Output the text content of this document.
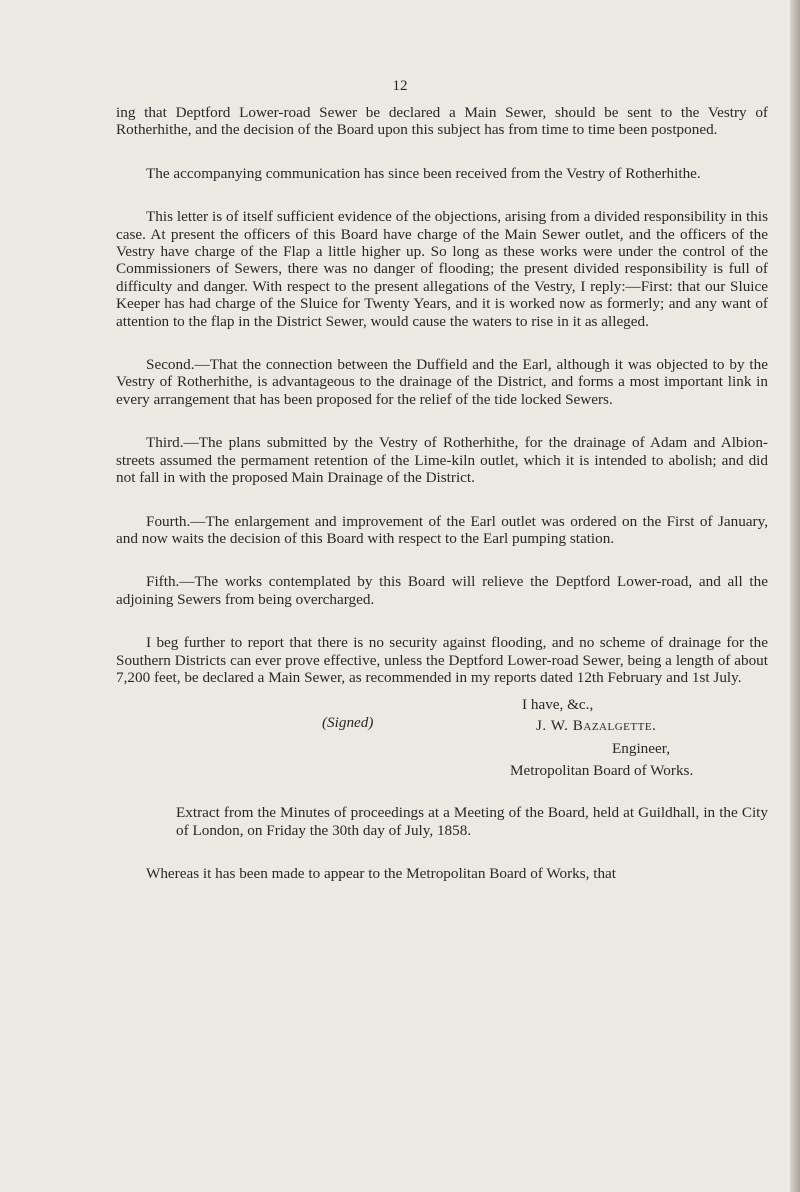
12

ing that Deptford Lower-road Sewer be declared a Main Sewer, should be sent to the Vestry of Rotherhithe, and the decision of the Board upon this subject has from time to time been postponed.

The accompanying communication has since been received from the Vestry of Rotherhithe.

This letter is of itself sufficient evidence of the objections, arising from a divided responsibility in this case. At present the officers of this Board have charge of the Main Sewer outlet, and the officers of the Vestry have charge of the Flap a little higher up. So long as these works were under the control of the Commissioners of Sewers, there was no danger of flooding; the present divided responsibility is full of difficulty and danger. With respect to the present allegations of the Vestry, I reply:—First: that our Sluice Keeper has had charge of the Sluice for Twenty Years, and it is worked now as formerly; and any want of attention to the flap in the District Sewer, would cause the waters to rise in it as alleged.

Second.—That the connection between the Duffield and the Earl, although it was objected to by the Vestry of Rotherhithe, is advantageous to the drainage of the District, and forms a most important link in every arrangement that has been proposed for the relief of the tide locked Sewers.

Third.—The plans submitted by the Vestry of Rotherhithe, for the drainage of Adam and Albion-streets assumed the permament retention of the Lime-kiln outlet, which it is intended to abolish; and did not fall in with the proposed Main Drainage of the District.

Fourth.—The enlargement and improvement of the Earl outlet was ordered on the First of January, and now waits the decision of this Board with respect to the Earl pumping station.

Fifth.—The works contemplated by this Board will relieve the Deptford Lower-road, and all the adjoining Sewers from being overcharged.

I beg further to report that there is no security against flooding, and no scheme of drainage for the Southern Districts can ever prove effective, unless the Deptford Lower-road Sewer, being a length of about 7,200 feet, be declared a Main Sewer, as recommended in my reports dated 12th February and 1st July.

I have, &c.,
(Signed)	J. W. Bazalgette.
Engineer,
Metropolitan Board of Works.

Extract from the Minutes of proceedings at a Meeting of the Board, held at Guildhall, in the City of London, on Friday the 30th day of July, 1858.

Whereas it has been made to appear to the Metropolitan Board of Works, that
